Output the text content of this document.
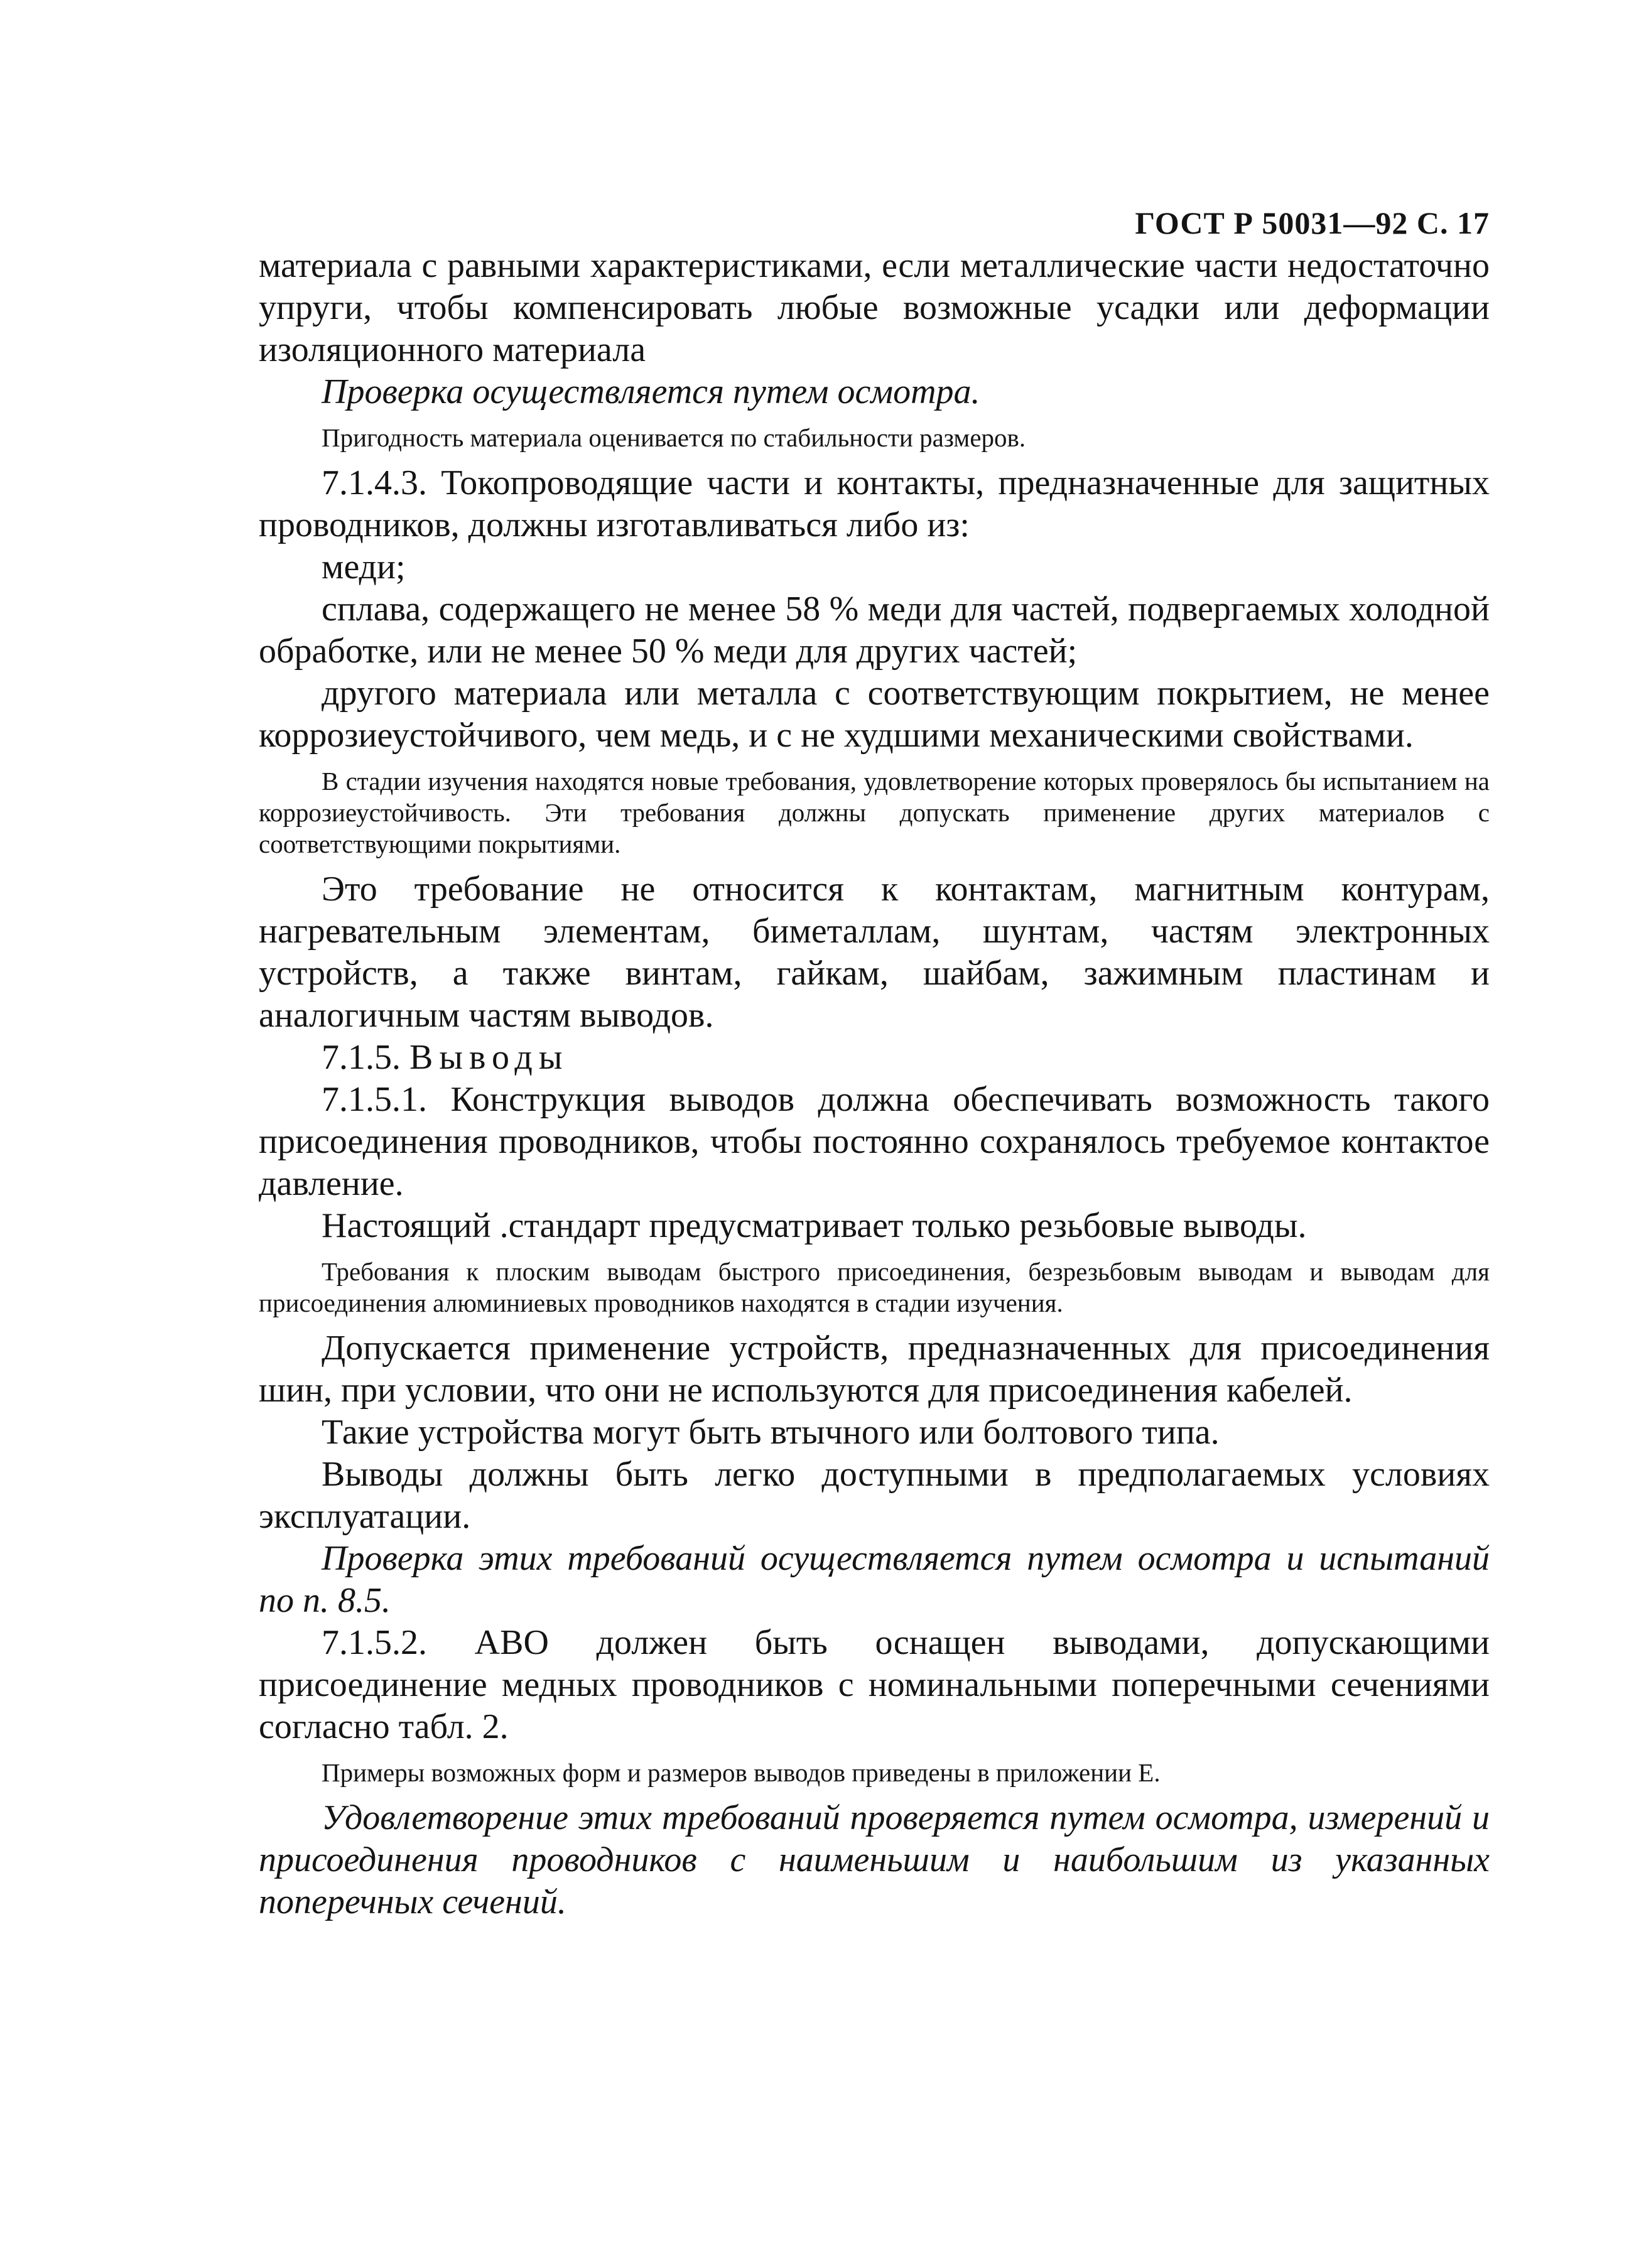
ГОСТ Р 50031—92 С. 17

материала с равными характеристиками, если металлические части недостаточно упруги, чтобы компенсировать любые возможные усадки или деформации изоляционного материала

Проверка осуществляется путем осмотра.

Пригодность материала оценивается по стабильности размеров.

7.1.4.3. Токопроводящие части и контакты, предназначенные для защитных проводников, должны изготавливаться либо из:

меди;

сплава, содержащего не менее 58 % меди для частей, подвергаемых холодной обработке, или не менее 50 % меди для других частей;

другого материала или металла с соответствующим покрытием, не менее коррозиеустойчивого, чем медь, и с не худшими механическими свойствами.

В стадии изучения находятся новые требования, удовлетворение которых проверялось бы испытанием на коррозиеустойчивость. Эти требования должны допускать применение других материалов с соответствующими покрытиями.

Это требование не относится к контактам, магнитным контурам, нагревательным элементам, биметаллам, шунтам, частям электронных устройств, а также винтам, гайкам, шайбам, зажимным пластинам и аналогичным частям выводов.

7.1.5. Выводы

7.1.5.1. Конструкция выводов должна обеспечивать возможность такого присоединения проводников, чтобы постоянно сохранялось требуемое контактое давление.

Настоящий .стандарт предусматривает только резьбовые выводы.

Требования к плоским выводам быстрого присоединения, безрезьбовым выводам и выводам для присоединения алюминиевых проводников находятся в стадии изучения.

Допускается применение устройств, предназначенных для присоединения шин, при условии, что они не используются для присоединения кабелей.

Такие устройства могут быть втычного или болтового типа.

Выводы должны быть легко доступными в предполагаемых условиях эксплуатации.

Проверка этих требований осуществляется путем осмотра и испытаний по п. 8.5.

7.1.5.2. АВО должен быть оснащен выводами, допускающими присоединение медных проводников с номинальными поперечными сечениями согласно табл. 2.

Примеры возможных форм и размеров выводов приведены в приложении Е.

Удовлетворение этих требований проверяется путем осмотра, измерений и присоединения проводников с наименьшим и наибольшим из указанных поперечных сечений.
